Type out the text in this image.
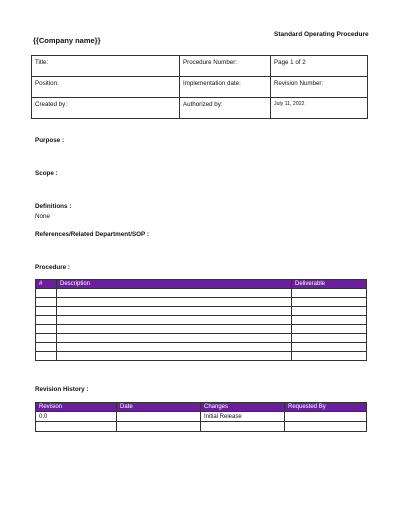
{{Company name}}
Standard Operating Procedure
Title:	Procedure Number:	Page 1 of 2
Position:	Implementation date:	Revision Number:
Created by:	Authorized by:	July 11, 2022
Purpose :
Scope :
Definitions :
None
References/Related Department/SOP :
Procedure :
#	Description	Deliverable

Revision History :
Revision	Date	Changes	Requested By
0.0		Initial Release	
